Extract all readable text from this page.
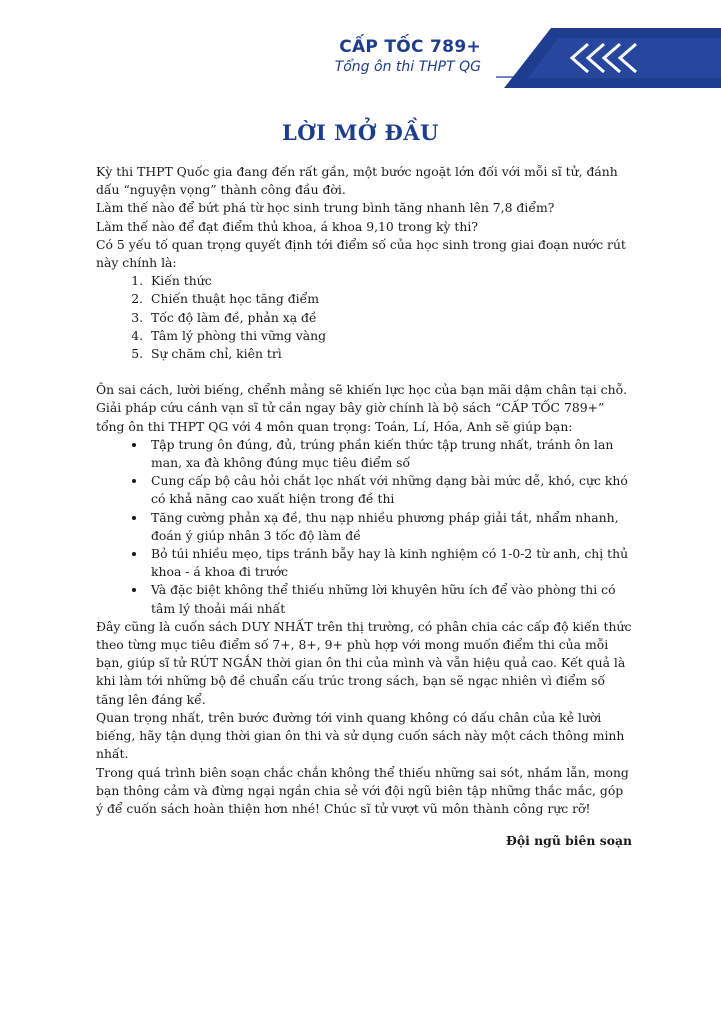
CẤP TỐC 789+
Tổng ôn thi THPT QG
LỜI MỞ ĐẦU

Kỳ thi THPT Quốc gia đang đến rất gần, một bước ngoặt lớn đối với mỗi sĩ tử, đánh dấu “nguyện vọng” thành công đầu đời.

Làm thế nào để bứt phá từ học sinh trung bình tăng nhanh lên 7,8 điểm?

Làm thế nào để đạt điểm thủ khoa, á khoa 9,10 trong kỳ thi?

Có 5 yếu tố quan trọng quyết định tới điểm số của học sinh trong giai đoạn nước rút này chính là:

1. Kiến thức
2. Chiến thuật học tăng điểm
3. Tốc độ làm đề, phản xạ đề
4. Tâm lý phòng thi vững vàng
5. Sự chăm chỉ, kiên trì

Ôn sai cách, lười biếng, chểnh mảng sẽ khiến lực học của bạn mãi dậm chân tại chỗ. Giải pháp cứu cánh vạn sĩ tử cần ngay bây giờ chính là bộ sách “CẤP TỐC 789+” tổng ôn thi THPT QG với 4 môn quan trọng: Toán, Lí, Hóa, Anh sẽ giúp bạn:

• Tập trung ôn đúng, đủ, trúng phần kiến thức tập trung nhất, tránh ôn lan man, xa đà không đúng mục tiêu điểm số
• Cung cấp bộ câu hỏi chắt lọc nhất với những dạng bài mức dễ, khó, cực khó có khả năng cao xuất hiện trong đề thi
• Tăng cường phản xạ đề, thu nạp nhiều phương pháp giải tắt, nhẩm nhanh, đoán ý giúp nhân 3 tốc độ làm đề
• Bỏ túi nhiều mẹo, tips tránh bẫy hay là kinh nghiệm có 1-0-2 từ anh, chị thủ khoa - á khoa đi trước
• Và đặc biệt không thể thiếu những lời khuyên hữu ích để vào phòng thi có tâm lý thoải mái nhất

Đây cũng là cuốn sách DUY NHẤT trên thị trường, có phân chia các cấp độ kiến thức theo từng mục tiêu điểm số 7+, 8+, 9+ phù hợp với mong muốn điểm thi của mỗi bạn, giúp sĩ tử RÚT NGẮN thời gian ôn thi của mình và vẫn hiệu quả cao. Kết quả là khi làm tới những bộ đề chuẩn cấu trúc trong sách, bạn sẽ ngạc nhiên vì điểm số tăng lên đáng kể.

Quan trọng nhất, trên bước đường tới vinh quang không có dấu chân của kẻ lười biếng, hãy tận dụng thời gian ôn thi và sử dụng cuốn sách này một cách thông minh nhất.

Trong quá trình biên soạn chắc chắn không thể thiếu những sai sót, nhầm lẫn, mong bạn thông cảm và đừng ngại ngần chia sẻ với đội ngũ biên tập những thắc mắc, góp ý để cuốn sách hoàn thiện hơn nhé! Chúc sĩ tử vượt vũ môn thành công rực rỡ!

Đội ngũ biên soạn
